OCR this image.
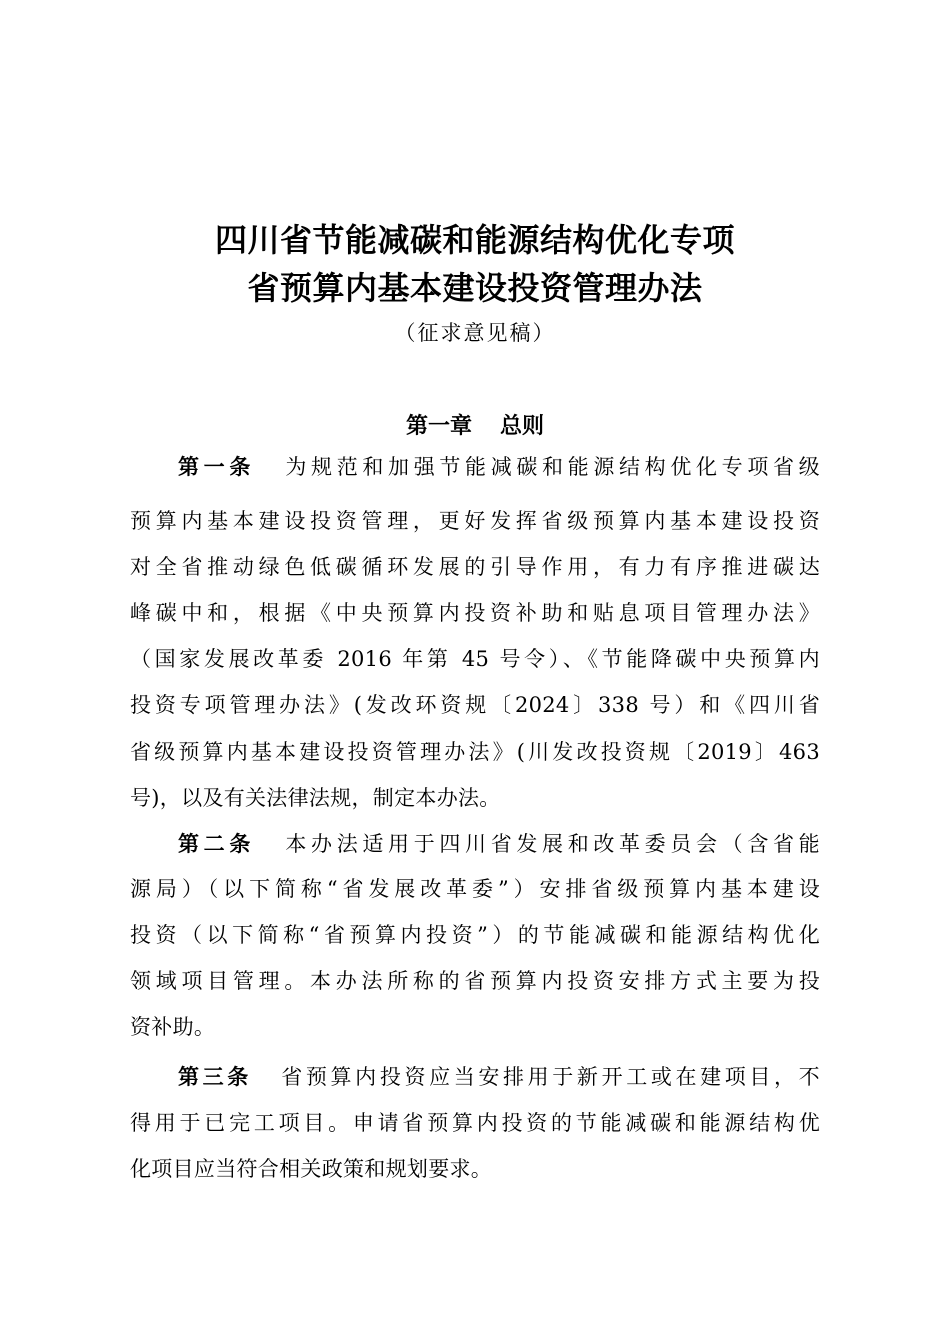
四川省节能减碳和能源结构优化专项
省预算内基本建设投资管理办法
（征求意见稿）
第一章 总则
第一条 为规范和加强节能减碳和能源结构优化专项省级
预算内基本建设投资管理，更好发挥省级预算内基本建设投资
对全省推动绿色低碳循环发展的引导作用，有力有序推进碳达
峰碳中和，根据《中央预算内投资补助和贴息项目管理办法》
（国家发展改革委 2016 年第 45 号令）、《节能降碳中央预算内
投资专项管理办法》(发改环资规〔2024〕338 号）和《四川省
省级预算内基本建设投资管理办法》(川发改投资规〔2019〕463
号)，以及有关法律法规，制定本办法。
第二条 本办法适用于四川省发展和改革委员会（含省能
源局）（以下简称“省发展改革委”）安排省级预算内基本建设
投资（以下简称“省预算内投资”）的节能减碳和能源结构优化
领域项目管理。本办法所称的省预算内投资安排方式主要为投
资补助。
第三条 省预算内投资应当安排用于新开工或在建项目，不
得用于已完工项目。申请省预算内投资的节能减碳和能源结构优
化项目应当符合相关政策和规划要求。
